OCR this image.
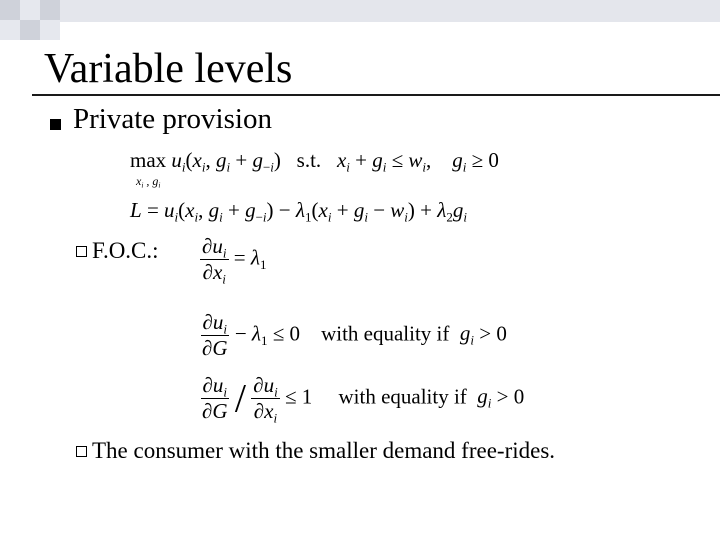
Variable levels
Private provision
$\max u_i(x_i$, $g_i + g_{-i}$)   s.t. $x_i + g_i \le w_i$,    $g_i \ge 0$
$x_i$ , $g_i$
$L = u_i(x_i$, $g_i + g_{-i}) - \lambda_1(x_i + g_i - w_i) + \lambda_2g_i$
F.O.C.: $\frac{\partial u_i}{\partial x_i} = \lambda_1$
$\frac{\partial u_i}{\partial G} - \lambda_1 \le 0$    with equality if $g_i > 0$
$\frac{\partial u_i}{\partial G} / \frac{\partial u_i}{\partial x_i} \le 1$     with equality if $g_i > 0$
The consumer with the smaller demand free-rides.
